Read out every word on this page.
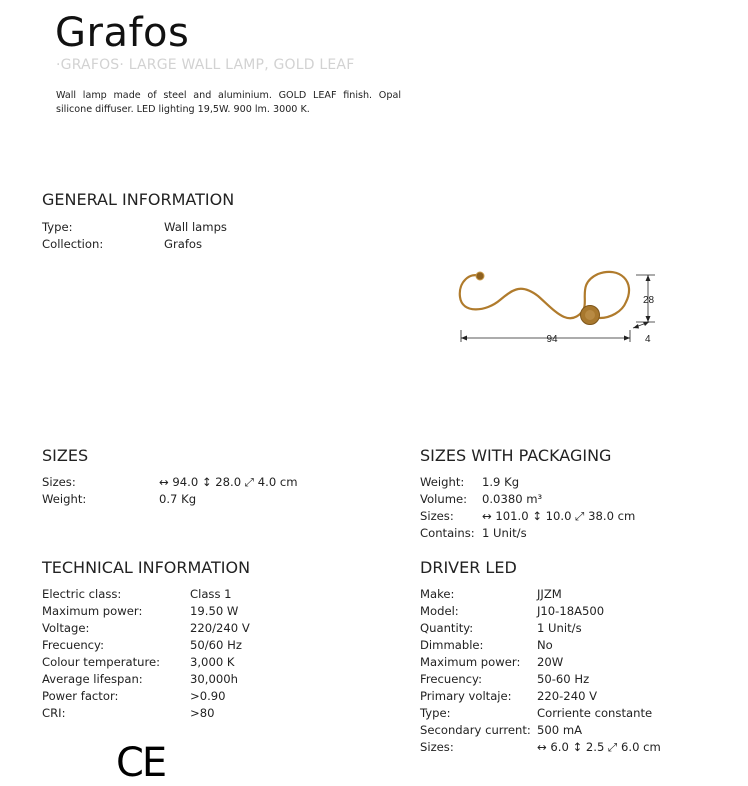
Grafos
·GRAFOS· LARGE WALL LAMP, GOLD LEAF
Wall lamp made of steel and aluminium. GOLD LEAF finish. Opal silicone diffuser. LED lighting 19,5W. 900 lm. 3000 K.
GENERAL INFORMATION
Type:	Wall lamps
Collection:	Grafos
94
28
4
SIZES
Sizes:	↔ 94.0 ↕ 28.0 ⤢ 4.0 cm
Weight:	0.7 Kg
SIZES WITH PACKAGING
Weight: 1.9 Kg
Volume: 0.0380 m³
Sizes: ↔ 101.0 ↕ 10.0 ⤢ 38.0 cm
Contains: 1 Unit/s
TECHNICAL INFORMATION
Electric class:	Class 1
Maximum power:	19.50 W
Voltage:	220/240 V
Frecuency:	50/60 Hz
Colour temperature:	3,000 K
Average lifespan:	30,000h
Power factor:	>0.90
CRI:	>80
DRIVER LED
Make:	JJZM
Model:	J10-18A500
Quantity:	1 Unit/s
Dimmable:	No
Maximum power: 20W
Frecuency:	50-60 Hz
Primary voltaje: 220-240 V
Type:	Corriente constante
Secondary current: 500 mA
Sizes:	↔ 6.0 ↕ 2.5 ⤢ 6.0 cm
CE
